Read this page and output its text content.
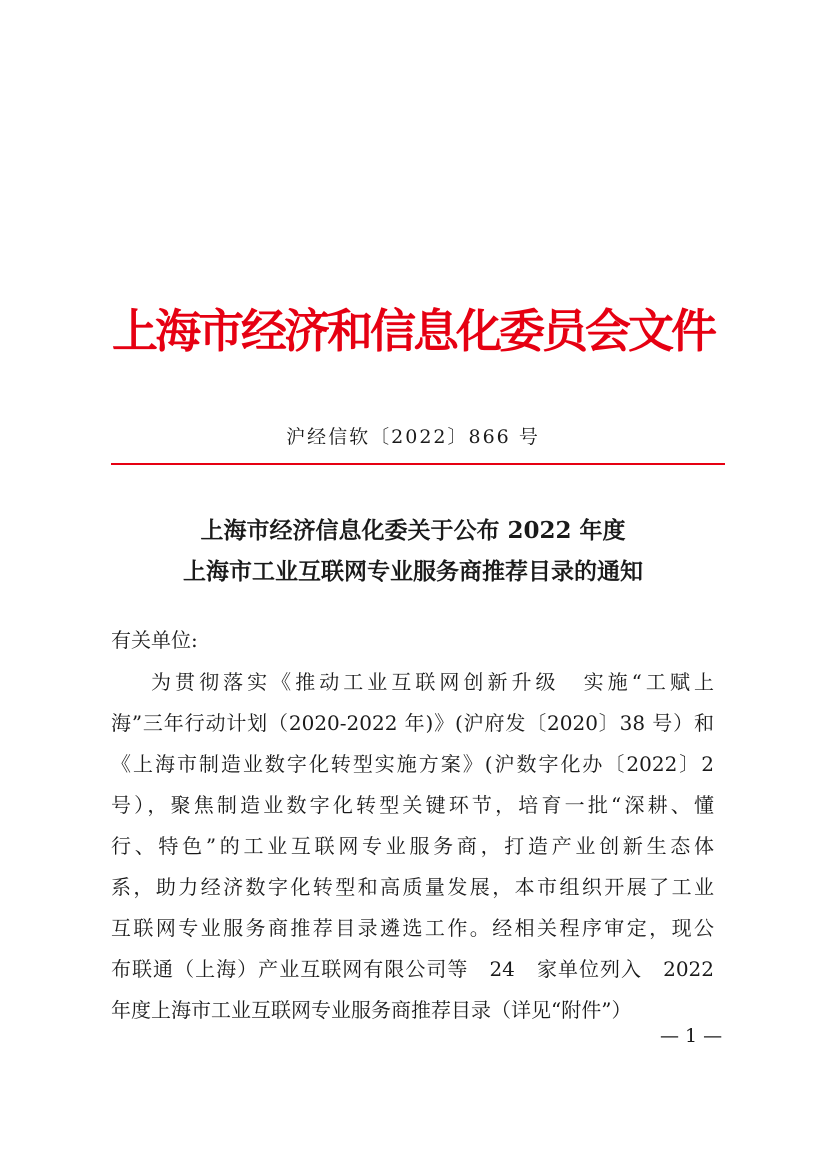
上海市经济和信息化委员会文件
沪经信软〔2022〕866 号
上海市经济信息化委关于公布 2022 年度
上海市工业互联网专业服务商推荐目录的通知
有关单位:
为贯彻落实《推动工业互联网创新升级　实施“工赋上
海”三年行动计划（2020-2022 年)》(沪府发〔2020〕38 号）和
《上海市制造业数字化转型实施方案》(沪数字化办〔2022〕2
号），聚焦制造业数字化转型关键环节，培育一批“深耕、懂
行、特色”的工业互联网专业服务商，打造产业创新生态体
系，助力经济数字化转型和高质量发展，本市组织开展了工业
互联网专业服务商推荐目录遴选工作。经相关程序审定，现公
布联通（上海）产业互联网有限公司等　24　家单位列入　2022
年度上海市工业互联网专业服务商推荐目录（详见“附件”）
— 1 —
